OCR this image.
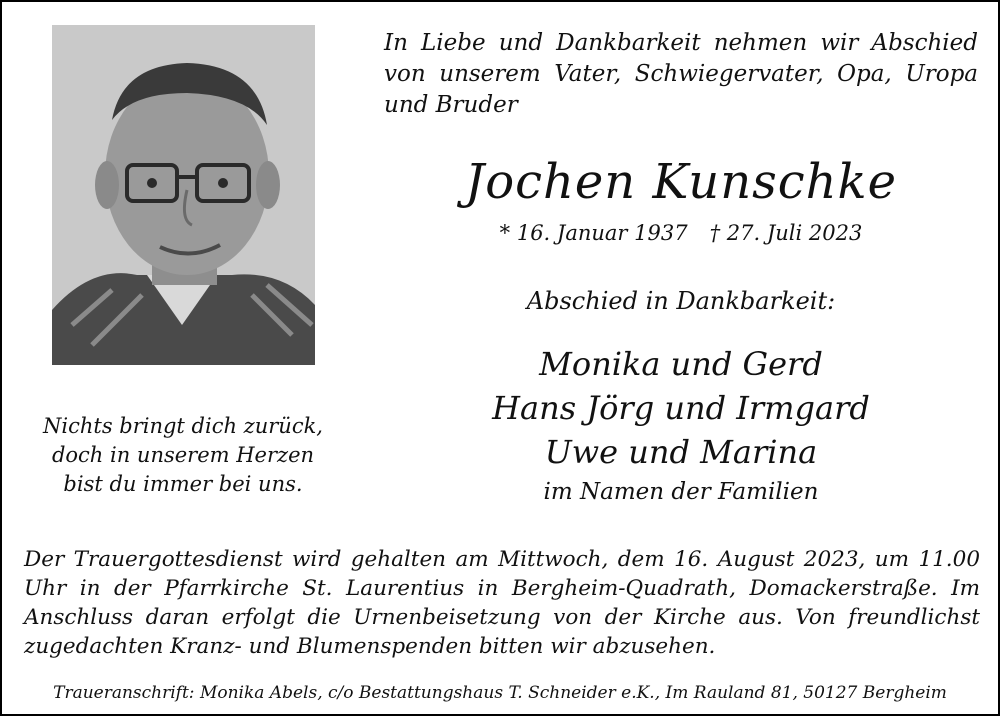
In Liebe und Dankbarkeit nehmen wir Abschied von unserem Vater, Schwiegervater, Opa, Uropa und Bruder

Jochen Kunschke

* 16. Januar 1937 † 27. Juli 2023

Abschied in Dankbarkeit:

Monika und Gerd
Hans Jörg und Irmgard
Uwe und Marina
im Namen der Familien
Nichts bringt dich zurück,
doch in unserem Herzen
bist du immer bei uns.

Der Trauergottesdienst wird gehalten am Mittwoch, dem 16. August 2023, um 11.00 Uhr in der Pfarrkirche St. Laurentius in Bergheim-Quadrath, Domackerstraße. Im Anschluss daran erfolgt die Urnenbeisetzung von der Kirche aus. Von freundlichst zugedachten Kranz- und Blumenspenden bitten wir abzusehen.

Traueranschrift: Monika Abels, c/o Bestattungshaus T. Schneider e.K., Im Rauland 81, 50127 Bergheim
